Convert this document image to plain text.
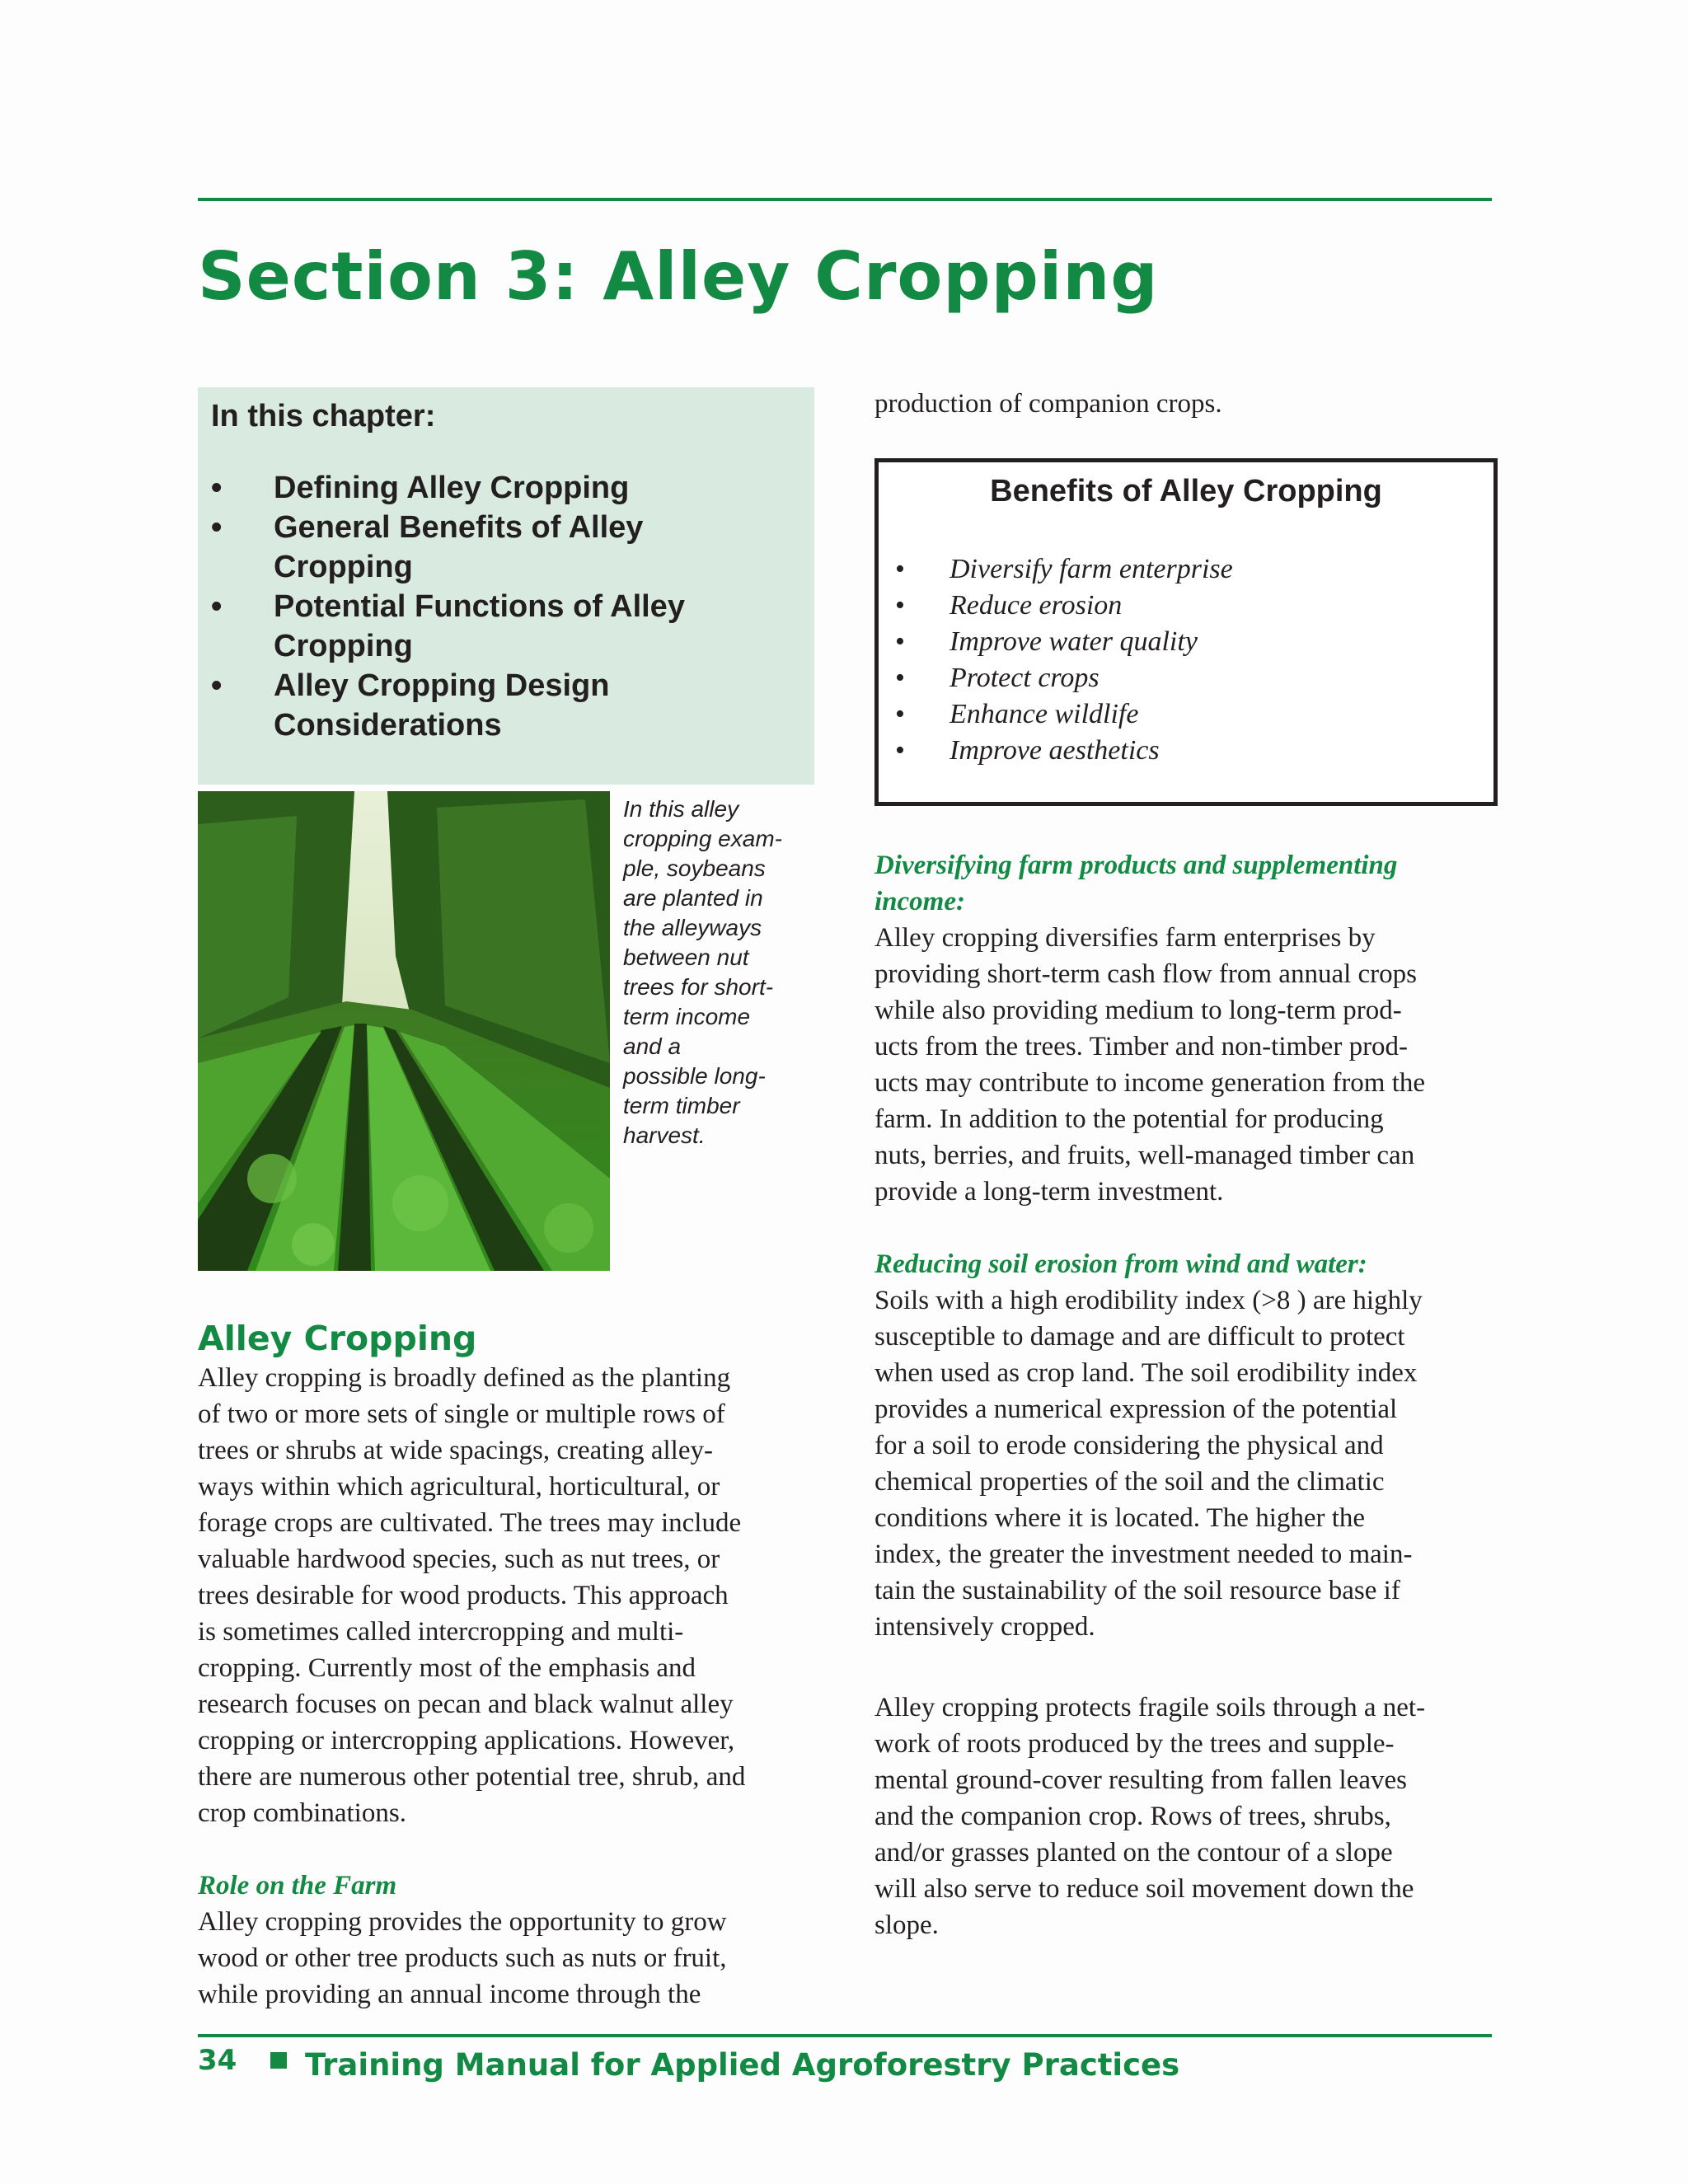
Section 3: Alley Cropping
In this chapter:
• Defining Alley Cropping
• General Benefits of Alley
Cropping
• Potential Functions of Alley
Cropping
• Alley Cropping Design
Considerations

In this alley
cropping exam-
ple, soybeans
are planted in
the alleyways
between nut
trees for short-
term income
and a
possible long-
term timber
harvest.

Alley Cropping

Alley cropping is broadly defined as the planting
of two or more sets of single or multiple rows of
trees or shrubs at wide spacings, creating alley-
ways within which agricultural, horticultural, or
forage crops are cultivated. The trees may include
valuable hardwood species, such as nut trees, or
trees desirable for wood products. This approach
is sometimes called intercropping and multi-
cropping. Currently most of the emphasis and
research focuses on pecan and black walnut alley
cropping or intercropping applications. However,
there are numerous other potential tree, shrub, and
crop combinations.

Role on the Farm

Alley cropping provides the opportunity to grow
wood or other tree products such as nuts or fruit,
while providing an annual income through the

production of companion crops.

Benefits of Alley Cropping
• Diversify farm enterprise
• Reduce erosion
• Improve water quality
• Protect crops
• Enhance wildlife
• Improve aesthetics

Diversifying farm products and supplementing
income:

Alley cropping diversifies farm enterprises by
providing short-term cash flow from annual crops
while also providing medium to long-term prod-
ucts from the trees. Timber and non-timber prod-
ucts may contribute to income generation from the
farm. In addition to the potential for producing
nuts, berries, and fruits, well-managed timber can
provide a long-term investment.

Reducing soil erosion from wind and water:

Soils with a high erodibility index (>8 ) are highly
susceptible to damage and are difficult to protect
when used as crop land. The soil erodibility index
provides a numerical expression of the potential
for a soil to erode considering the physical and
chemical properties of the soil and the climatic
conditions where it is located. The higher the
index, the greater the investment needed to main-
tain the sustainability of the soil resource base if
intensively cropped.

Alley cropping protects fragile soils through a net-
work of roots produced by the trees and supple-
mental ground-cover resulting from fallen leaves
and the companion crop. Rows of trees, shrubs,
and/or grasses planted on the contour of a slope
will also serve to reduce soil movement down the
slope.

34 Training Manual for Applied Agroforestry Practices
